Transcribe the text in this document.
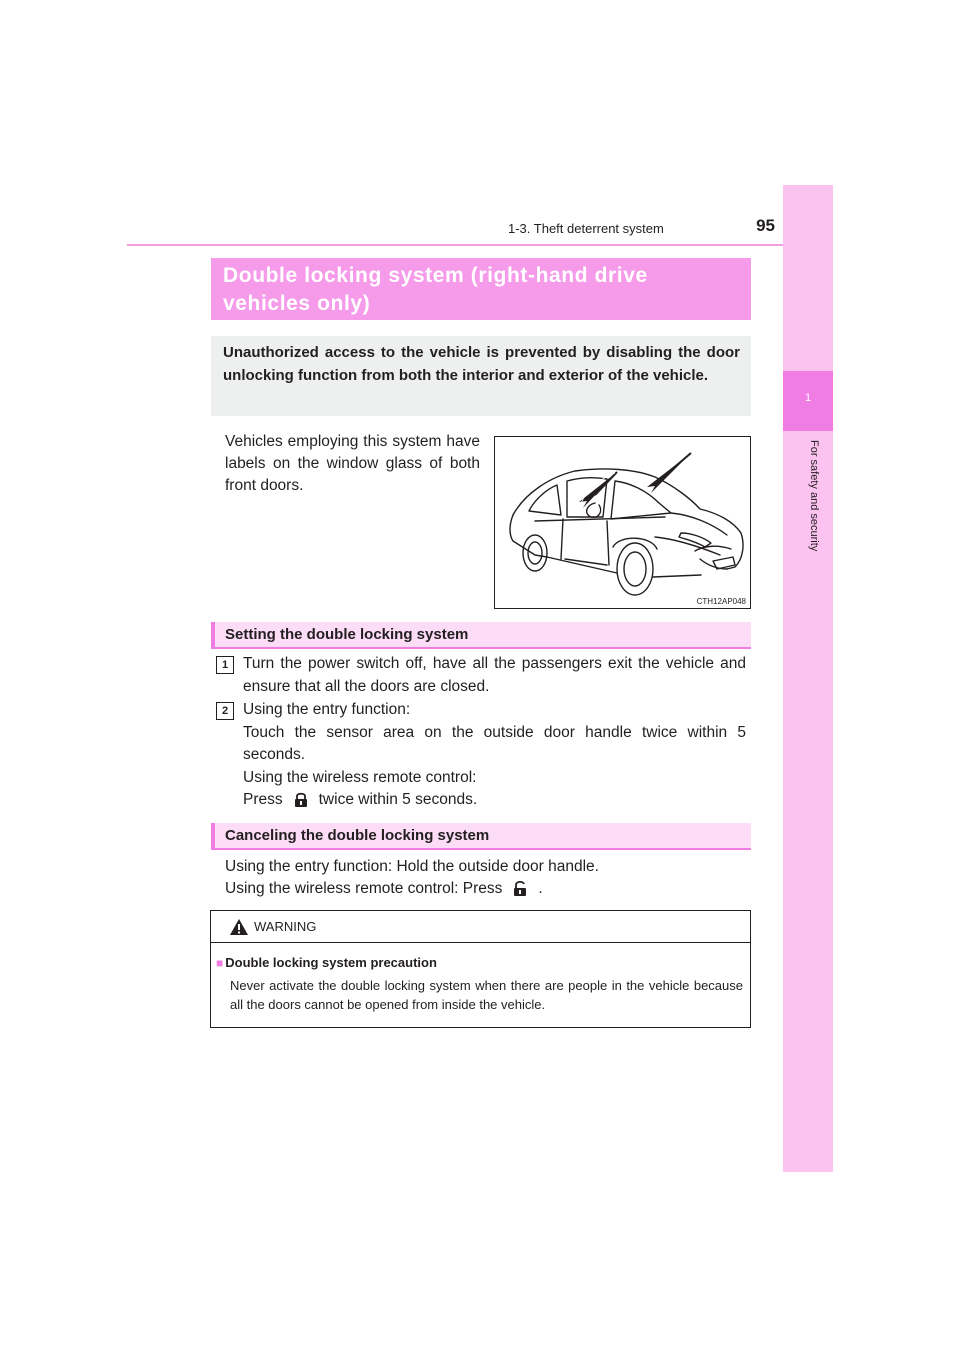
1-3. Theft deterrent system	95
1
For safety and security
Double locking system (right-hand drive vehicles only)
Unauthorized access to the vehicle is prevented by disabling the door unlocking function from both the interior and exterior of the vehicle.
Vehicles employing this system have labels on the window glass of both front doors.
CTH12AP048
Setting the double locking system
1 Turn the power switch off, have all the passengers exit the vehicle and ensure that all the doors are closed.
2 Using the entry function:

Touch the sensor area on the outside door handle twice within 5 seconds.

Using the wireless remote control:

Press twice within 5 seconds.

Canceling the double locking system
Using the entry function: Hold the outside door handle.
Using the wireless remote control: Press .
WARNING
■ Double locking system precaution
Never activate the double locking system when there are people in the vehicle because all the doors cannot be opened from inside the vehicle.
